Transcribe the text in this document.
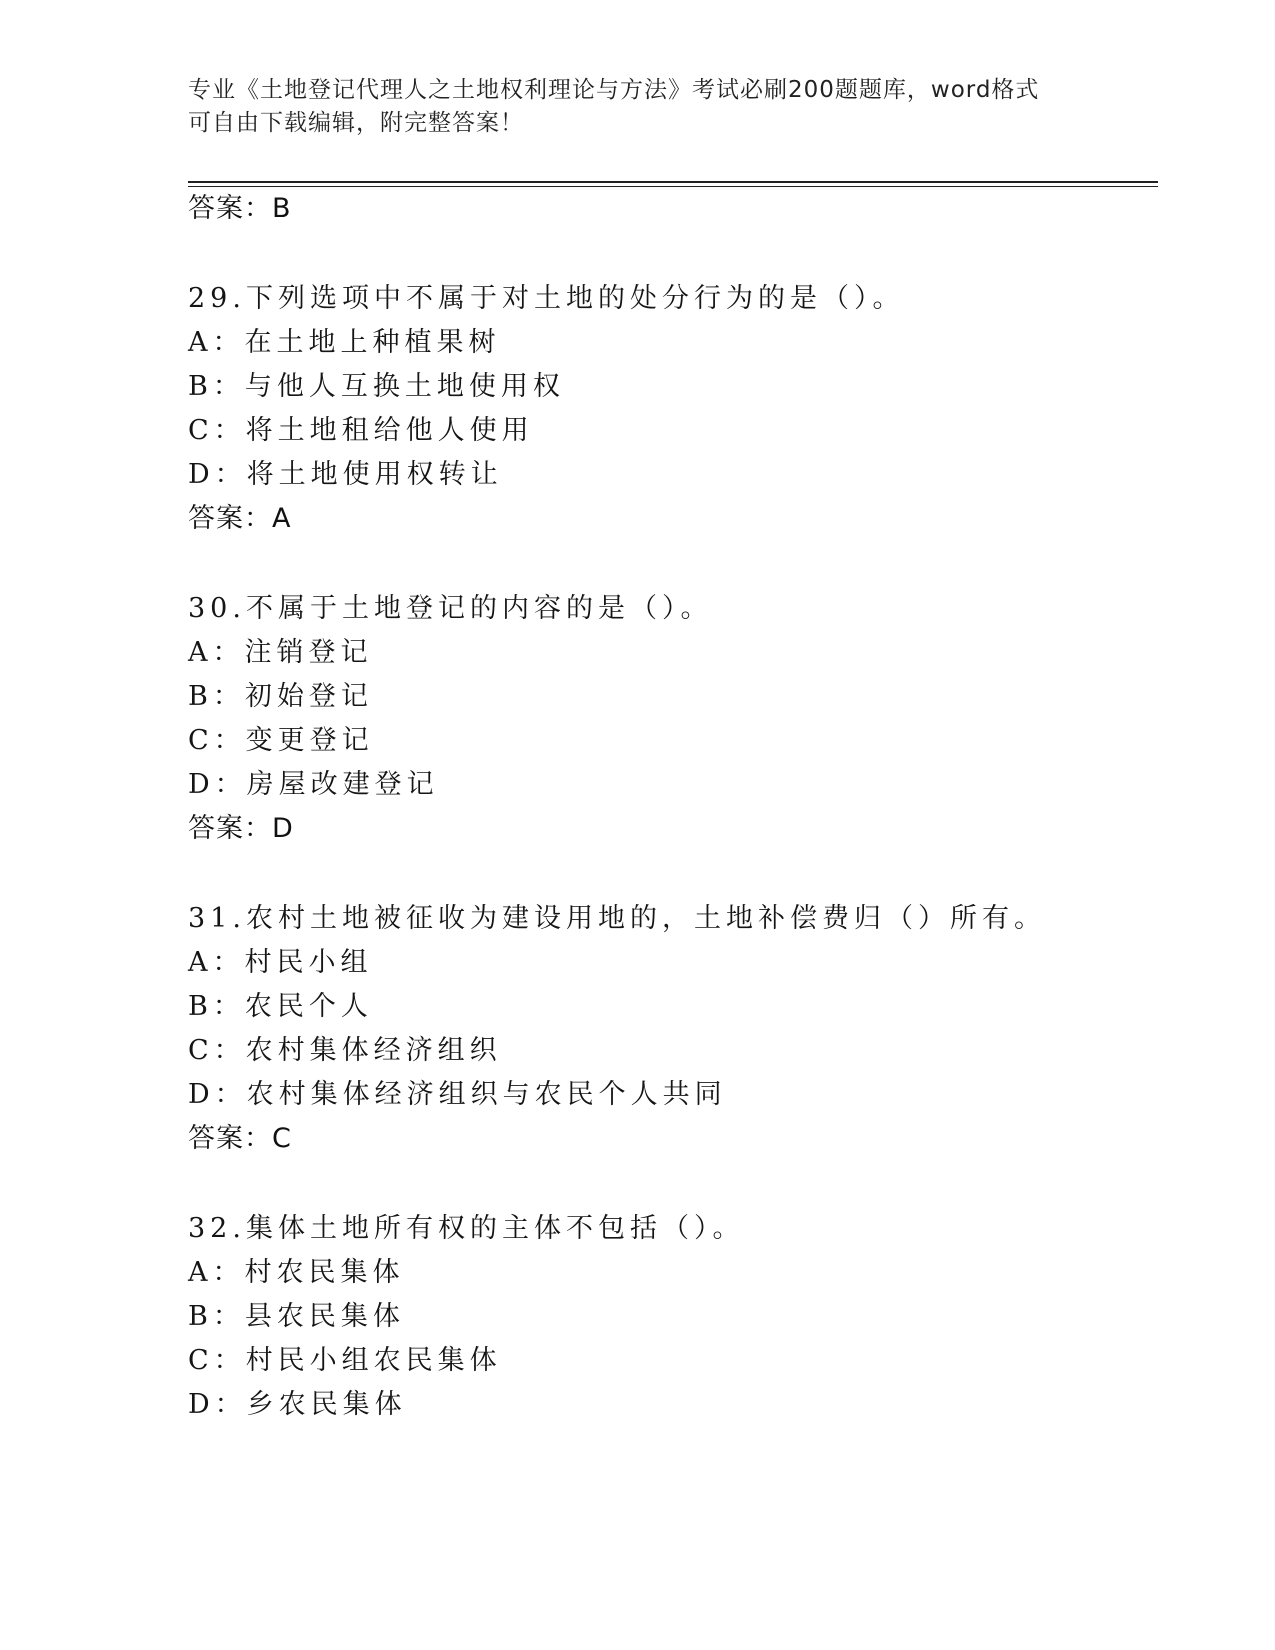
专业《土地登记代理人之土地权利理论与方法》考试必刷200题题库，word格式

可自由下载编辑，附完整答案！

答案：B
29.下列选项中不属于对土地的处分行为的是（）。
A：在土地上种植果树
B：与他人互换土地使用权
C：将土地租给他人使用
D：将土地使用权转让
答案：A
30.不属于土地登记的内容的是（）。
A：注销登记
B：初始登记
C：变更登记
D：房屋改建登记
答案：D
31.农村土地被征收为建设用地的，土地补偿费归（）所有。
A：村民小组
B：农民个人
C：农村集体经济组织
D：农村集体经济组织与农民个人共同
答案：C
32.集体土地所有权的主体不包括（）。
A：村农民集体
B：县农民集体
C：村民小组农民集体
D：乡农民集体
